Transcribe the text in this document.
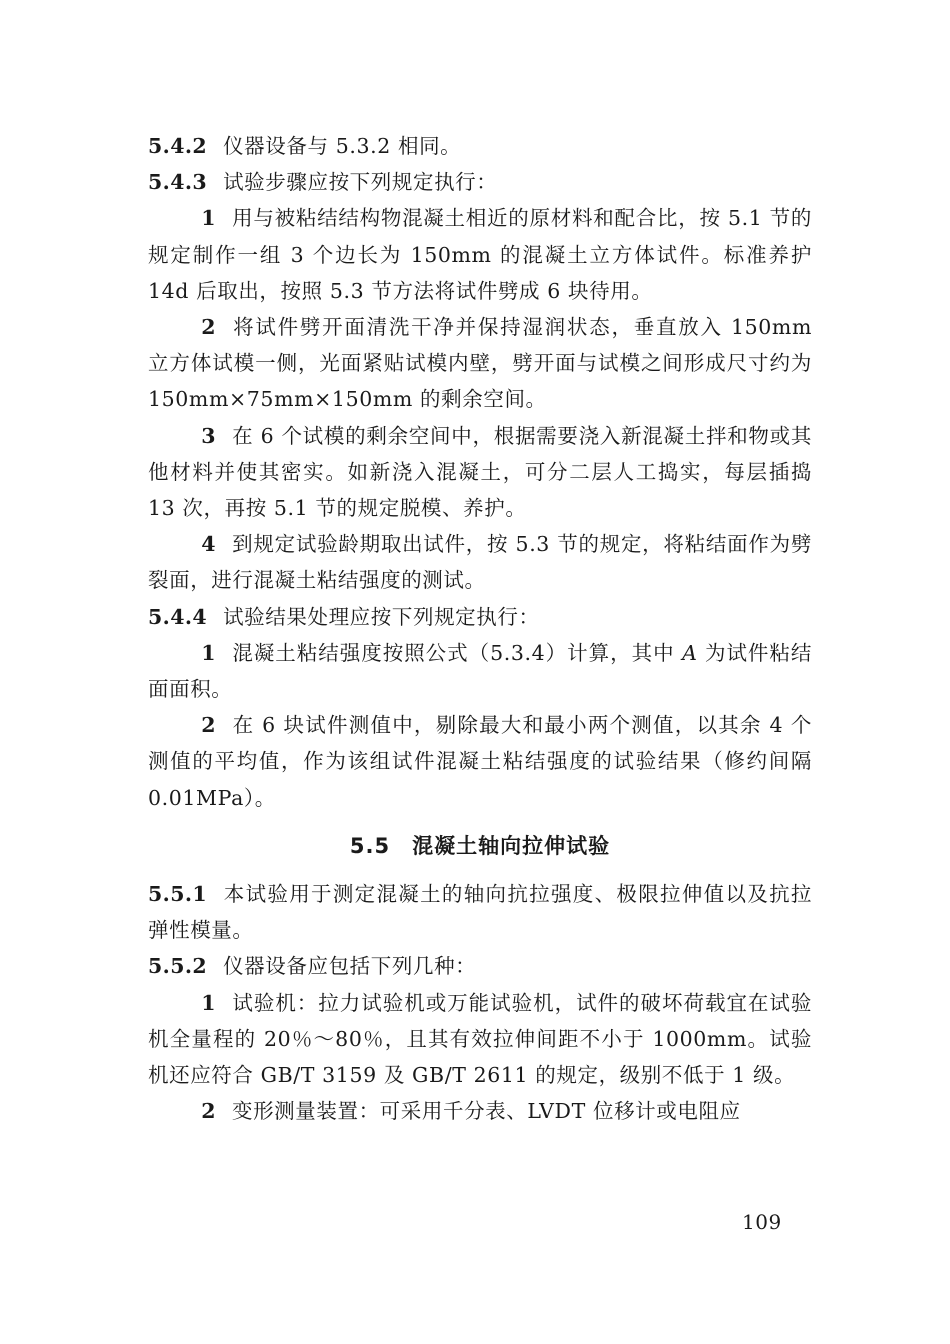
5.4.2 仪器设备与 5.3.2 相同。

5.4.3 试验步骤应按下列规定执行：

1 用与被粘结结构物混凝土相近的原材料和配合比，按 5.1 节的规定制作一组 3 个边长为 150mm 的混凝土立方体试件。标准养护 14d 后取出，按照 5.3 节方法将试件劈成 6 块待用。

2 将试件劈开面清洗干净并保持湿润状态，垂直放入 150mm 立方体试模一侧，光面紧贴试模内壁，劈开面与试模之间形成尺寸约为 150mm×75mm×150mm 的剩余空间。

3 在 6 个试模的剩余空间中，根据需要浇入新混凝土拌和物或其他材料并使其密实。如新浇入混凝土，可分二层人工捣实，每层插捣 13 次，再按 5.1 节的规定脱模、养护。

4 到规定试验龄期取出试件，按 5.3 节的规定，将粘结面作为劈裂面，进行混凝土粘结强度的测试。

5.4.4 试验结果处理应按下列规定执行：

1 混凝土粘结强度按照公式（5.3.4）计算，其中 A 为试件粘结面面积。

2 在 6 块试件测值中，剔除最大和最小两个测值，以其余 4 个测值的平均值，作为该组试件混凝土粘结强度的试验结果（修约间隔 0.01MPa）。

5.5 混凝土轴向拉伸试验

5.5.1 本试验用于测定混凝土的轴向抗拉强度、极限拉伸值以及抗拉弹性模量。

5.5.2 仪器设备应包括下列几种：

1 试验机：拉力试验机或万能试验机，试件的破坏荷载宜在试验机全量程的 20％～80％，且其有效拉伸间距不小于 1000mm。试验机还应符合 GB/T 3159 及 GB/T 2611 的规定，级别不低于 1 级。

2 变形测量装置：可采用千分表、LVDT 位移计或电阻应

109
